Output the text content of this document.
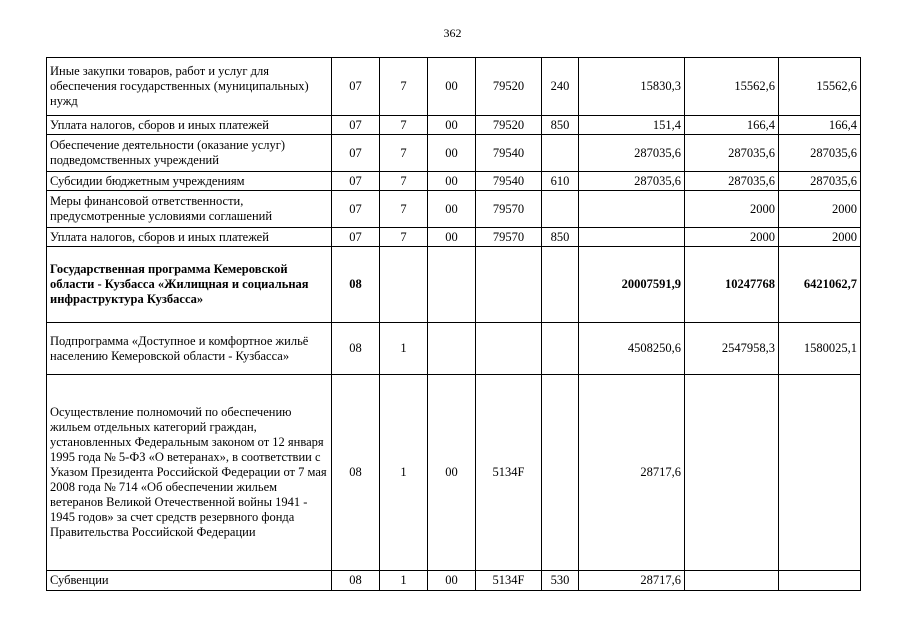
362
Иные закупки товаров, работ и услуг для обеспечения государственных (муниципальных) нужд	07	7	00	79520	240	15830,3	15562,6	15562,6
Уплата налогов, сборов и иных платежей	07	7	00	79520	850	151,4	166,4	166,4
Обеспечение деятельности (оказание услуг) подведомственных учреждений	07	7	00	79540		287035,6	287035,6	287035,6
Субсидии бюджетным учреждениям	07	7	00	79540	610	287035,6	287035,6	287035,6
Меры финансовой ответственности, предусмотренные условиями соглашений	07	7	00	79570			2000	2000
Уплата налогов, сборов и иных платежей	07	7	00	79570	850		2000	2000
Государственная программа Кемеровской области - Кузбасса «Жилищная и социальная инфраструктура Кузбасса»	08					20007591,9	10247768	6421062,7
Подпрограмма «Доступное и комфортное жильё населению Кемеровской области - Кузбасса»	08	1				4508250,6	2547958,3	1580025,1
Осуществление полномочий по обеспечению жильем отдельных категорий граждан, установленных Федеральным законом от 12 января 1995 года № 5-ФЗ «О ветеранах», в соответствии с Указом Президента Российской Федерации от 7 мая 2008 года № 714 «Об обеспечении жильем ветеранов Великой Отечественной войны 1941 - 1945 годов» за счет средств резервного фонда Правительства Российской Федерации	08	1	00	5134F		28717,6		
Субвенции	08	1	00	5134F	530	28717,6		
